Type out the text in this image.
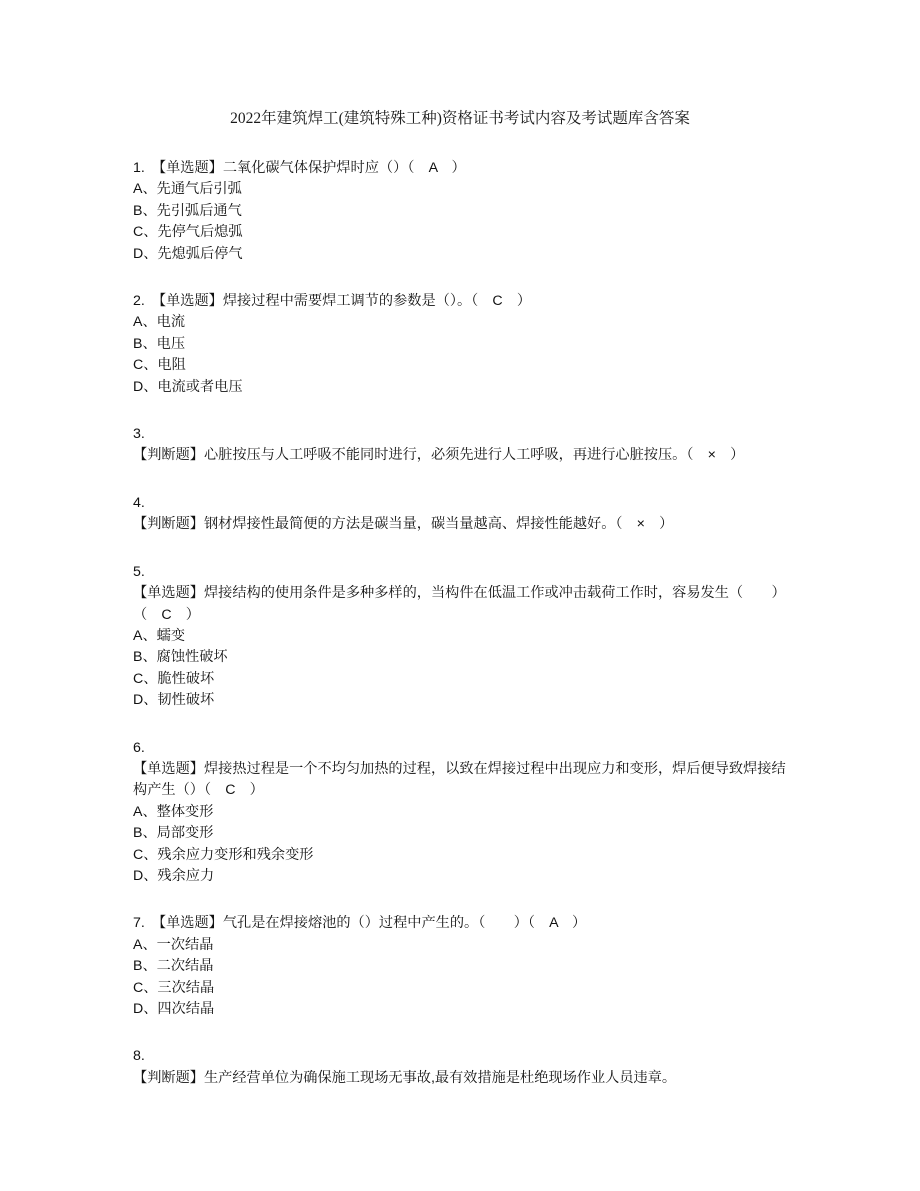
2022年建筑焊工(建筑特殊工种)资格证书考试内容及考试题库含答案
1.　【单选题】二氧化碳气体保护焊时应（）（　A　）
A、先通气后引弧
B、先引弧后通气
C、先停气后熄弧
D、先熄弧后停气
2.　【单选题】焊接过程中需要焊工调节的参数是（）。（　C　）
A、电流
B、电压
C、电阻
D、电流或者电压
3.
【判断题】心脏按压与人工呼吸不能同时进行，必须先进行人工呼吸，再进行心脏按压。（　×　）
4.
【判断题】钢材焊接性最简便的方法是碳当量，碳当量越高、焊接性能越好。（　×　）
5.
【单选题】焊接结构的使用条件是多种多样的，当构件在低温工作或冲击载荷工作时，容易发生（　　）（　C　）
A、蠕变
B、腐蚀性破坏
C、脆性破坏
D、韧性破坏
6.
【单选题】焊接热过程是一个不均匀加热的过程，以致在焊接过程中出现应力和变形，焊后便导致焊接结构产生（）（　C　）
A、整体变形
B、局部变形
C、残余应力变形和残余变形
D、残余应力
7.　【单选题】气孔是在焊接熔池的（）过程中产生的。（　　）（　A　）
A、一次结晶
B、二次结晶
C、三次结晶
D、四次结晶
8.
【判断题】生产经营单位为确保施工现场无事故,最有效措施是杜绝现场作业人员违章。
